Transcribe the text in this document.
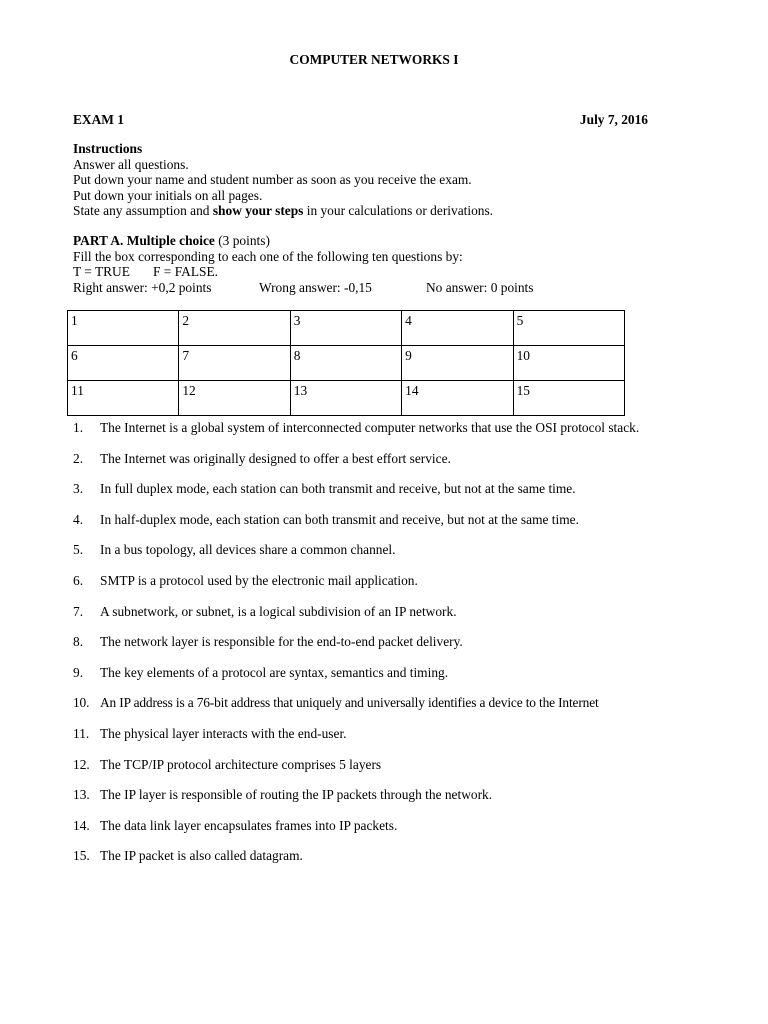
COMPUTER NETWORKS I
EXAM 1	July 7, 2016
Instructions
Answer all questions.
Put down your name and student number as soon as you receive the exam.
Put down your initials on all pages.
State any assumption and show your steps in your calculations or derivations.
PART A. Multiple choice (3 points)
Fill the box corresponding to each one of the following ten questions by:
T = TRUE F = FALSE.
Right answer: +0,2 points	Wrong answer: -0,15	No answer: 0 points
1	2	3	4	5
6	7	8	9	10
11	12	13	14	15
1. The Internet is a global system of interconnected computer networks that use the OSI protocol stack.
2. The Internet was originally designed to offer a best effort service.
3. In full duplex mode, each station can both transmit and receive, but not at the same time.
4. In half-duplex mode, each station can both transmit and receive, but not at the same time.
5. In a bus topology, all devices share a common channel.
6. SMTP is a protocol used by the electronic mail application.
7. A subnetwork, or subnet, is a logical subdivision of an IP network.
8. The network layer is responsible for the end-to-end packet delivery.
9. The key elements of a protocol are syntax, semantics and timing.
10. An IP address is a 76-bit address that uniquely and universally identifies a device to the Internet
11. The physical layer interacts with the end-user.
12. The TCP/IP protocol architecture comprises 5 layers
13. The IP layer is responsible of routing the IP packets through the network.
14. The data link layer encapsulates frames into IP packets.
15. The IP packet is also called datagram.
